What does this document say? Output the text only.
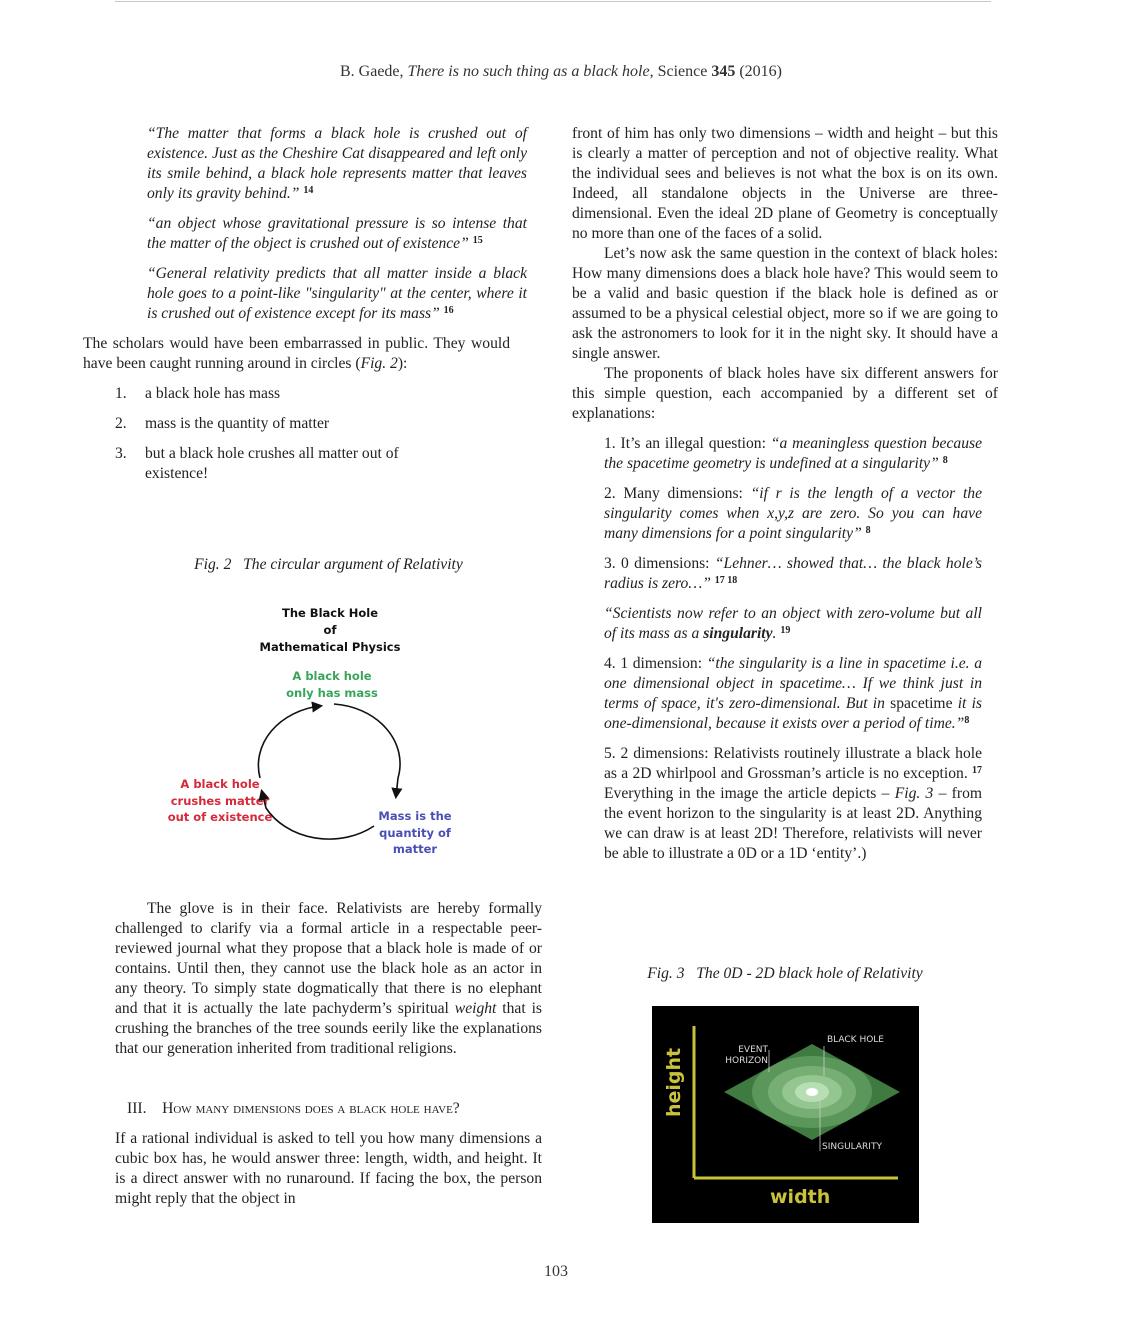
B. Gaede, There is no such thing as a black hole, Science 345 (2016)
“The matter that forms a black hole is crushed out of existence. Just as the Cheshire Cat disappeared and left only its smile behind, a black hole represents matter that leaves only its gravity behind.” $^{14}$
“an object whose gravitational pressure is so intense that the matter of the object is crushed out of existence” $^{15}$
“General relativity predicts that all matter inside a black hole goes to a point-like "singularity" at the center, where it is crushed out of existence except for its mass” $^{16}$

The scholars would have been embarrassed in public. They would have been caught running around in circles (Fig. 2):

1. a black hole has mass
2. mass is the quantity of matter
3. but a black hole crushes all matter out of existence!
Fig. 2   The circular argument of Relativity
The Black Hole
of
Mathematical Physics
A black hole only has mass
A black hole crushes matter out of existence	Mass is the quantity of matter

The glove is in their face. Relativists are hereby formally challenged to clarify via a formal article in a respectable peer-reviewed journal what they propose that a black hole is made of or contains. Until then, they cannot use the black hole as an actor in any theory. To simply state dogmatically that there is no elephant and that it is actually the late pachyderm’s spiritual weight that is crushing the branches of the tree sounds eerily like the explanations that our generation inherited from traditional religions.

III. How many dimensions does a black hole have?

If a rational individual is asked to tell you how many dimensions a cubic box has, he would answer three: length, width, and height. It is a direct answer with no runaround. If facing the box, the person might reply that the object in

front of him has only two dimensions – width and height – but this is clearly a matter of perception and not of objective reality. What the individual sees and believes is not what the box is on its own. Indeed, all standalone objects in the Universe are three-dimensional. Even the ideal 2D plane of Geometry is conceptually no more than one of the faces of a solid.

Let’s now ask the same question in the context of black holes: How many dimensions does a black hole have? This would seem to be a valid and basic question if the black hole is defined as or assumed to be a physical celestial object, more so if we are going to ask the astronomers to look for it in the night sky. It should have a single answer.

The proponents of black holes have six different answers for this simple question, each accompanied by a different set of explanations:

1. It’s an illegal question: “a meaningless question because the spacetime geometry is undefined at a singularity” $^8$
2. Many dimensions: “if r is the length of a vector the singularity comes when x,y,z are zero. So you can have many dimensions for a point singularity” $^8$
3. 0 dimensions: “Lehner… showed that… the black hole’s radius is zero…” $^{17 18}$
“Scientists now refer to an object with zero-volume but all of its mass as a singularity. $^{19}$
4. 1 dimension: “the singularity is a line in spacetime i.e. a one dimensional object in spacetime… If we think just in terms of space, it's zero-dimensional. But in spacetime it is one-dimensional, because it exists over a period of time.”$^8$
5. 2 dimensions: Relativists routinely illustrate a black hole as a 2D whirlpool and Grossman’s article is no exception. $^{17}$ Everything in the image the article depicts – Fig. 3 – from the event horizon to the singularity is at least 2D. Anything we can draw is at least 2D! Therefore, relativists will never be able to illustrate a 0D or a 1D ‘entity’.)
Fig. 3   The 0D - 2D black hole of Relativity
EVENT
HORIZON
BLACK HOLE
SINGULARITY
width
height
103
